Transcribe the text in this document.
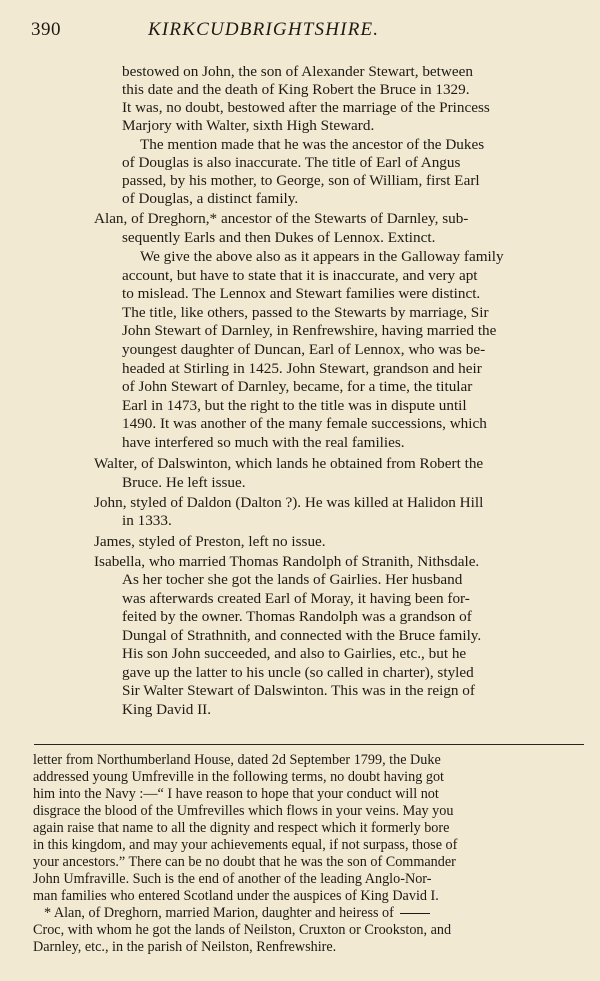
390	KIRKCUDBRIGHTSHIRE.
bestowed on John, the son of Alexander Stewart, between
this date and the death of King Robert the Bruce in 1329.
It was, no doubt, bestowed after the marriage of the Princess
Marjory with Walter, sixth High Steward.
The mention made that he was the ancestor of the Dukes
of Douglas is also inaccurate. The title of Earl of Angus
passed, by his mother, to George, son of William, first Earl
of Douglas, a distinct family.
Alan, of Dreghorn,* ancestor of the Stewarts of Darnley, sub-
sequently Earls and then Dukes of Lennox. Extinct.
We give the above also as it appears in the Galloway family
account, but have to state that it is inaccurate, and very apt
to mislead. The Lennox and Stewart families were distinct.
The title, like others, passed to the Stewarts by marriage, Sir
John Stewart of Darnley, in Renfrewshire, having married the
youngest daughter of Duncan, Earl of Lennox, who was be-
headed at Stirling in 1425. John Stewart, grandson and heir
of John Stewart of Darnley, became, for a time, the titular
Earl in 1473, but the right to the title was in dispute until
1490. It was another of the many female successions, which
have interfered so much with the real families.
Walter, of Dalswinton, which lands he obtained from Robert the
Bruce. He left issue.
John, styled of Daldon (Dalton ?). He was killed at Halidon Hill
in 1333.
James, styled of Preston, left no issue.
Isabella, who married Thomas Randolph of Stranith, Nithsdale.
As her tocher she got the lands of Gairlies. Her husband
was afterwards created Earl of Moray, it having been for-
feited by the owner. Thomas Randolph was a grandson of
Dungal of Strathnith, and connected with the Bruce family.
His son John succeeded, and also to Gairlies, etc., but he
gave up the latter to his uncle (so called in charter), styled
Sir Walter Stewart of Dalswinton. This was in the reign of
King David II.
letter from Northumberland House, dated 2d September 1799, the Duke
addressed young Umfreville in the following terms, no doubt having got
him into the Navy :—“ I have reason to hope that your conduct will not
disgrace the blood of the Umfrevilles which flows in your veins. May you
again raise that name to all the dignity and respect which it formerly bore
in this kingdom, and may your achievements equal, if not surpass, those of
your ancestors.” There can be no doubt that he was the son of Commander
John Umfraville. Such is the end of another of the leading Anglo-Nor-
man families who entered Scotland under the auspices of King David I.
* Alan, of Dreghorn, married Marion, daughter and heiress of
Croc, with whom he got the lands of Neilston, Cruxton or Crookston, and
Darnley, etc., in the parish of Neilston, Renfrewshire.
